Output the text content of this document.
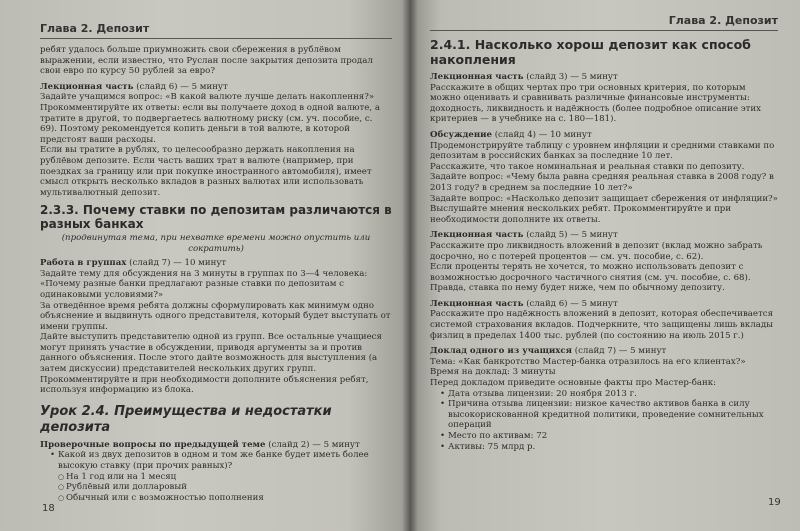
Глава 2. Депозит

ребят удалось больше приумножить свои сбережения в рублёвом выражении, если известно, что Руслан после закрытия депозита продал свои евро по курсу 50 рублей за евро?

Лекционная часть (слайд 6) — 5 минут

Задайте учащимся вопрос: «В какой валюте лучше делать накоплення?» Прокомментируйте их ответы: если вы получаете доход в одной валюте, а тратите в другой, то подвергаетесь валютному риску (см. уч. пособие, с. 69). Поэтому рекомендуется копить деньги в той валюте, в которой предстоят ваши расходы.

Если вы тратите в рублях, то целесообразно держать накопления на рублёвом депозите. Если часть ваших трат в валюте (например, при поездках за границу или при покупке иностранного автомобиля), имеет смысл открыть несколько вкладов в разных валютах или использовать мультивалютный депозит.

2.3.3. Почему ставки по депозитам различаются в разных банках
(продвинутая тема, при нехватке времени можно опустить или сократить)

Работа в группах (слайд 7) — 10 минут

Задайте тему для обсуждения на 3 минуты в группах по 3—4 человека: «Почему разные банки предлагают разные ставки по депозитам с одинаковыми условиями?»

За отведённое время ребята должны сформулировать как минимум одно объяснение и выдвинуть одного представителя, который будет выступать от имени группы.

Дайте выступить представителю одной из групп. Все остальные учащиеся могут принять участие в обсуждении, приводя аргументы за и против данного объяснения. После этого дайте возможность для выступления (а затем дискуссии) представителей нескольких других групп. Прокомментируйте и при необходимости дополните объяснения ребят, используя информацию из блока.

Урок 2.4. Преимущества и недостатки депозита

Проверочные вопросы по предыдущей теме (слайд 2) — 5 минут

• Какой из двух депозитов в одном и том же банке будет иметь более высокую ставку (при прочих равных)?
○ На 1 год или на 1 месяц
○ Рублёвый или долларовый
○ Обычный или с возможностью пополнения
18
Глава 2. Депозит
2.4.1. Насколько хорош депозит как способ накопления

Лекционная часть (слайд 3) — 5 минут

Расскажите в общих чертах про три основных критерия, по которым можно оценивать и сравнивать различные финансовые инструменты: доходность, ликвидность и надёжность (более подробное описание этих критериев — в учебнике на с. 180—181).

Обсуждение (слайд 4) — 10 минут

Продемонстрируйте таблицу с уровнем инфляции и средними ставками по депозитам в российских банках за последние 10 лет.

Расскажите, что такое номинальная и реальная ставки по депозиту.

Задайте вопрос: «Чему была равна средняя реальная ставка в 2008 году? в 2013 году? в среднем за последние 10 лет?»

Задайте вопрос: «Насколько депозит защищает сбережения от инфляции?»

Выслушайте мнения нескольких ребят. Прокомментируйте и при необходимости дополните их ответы.

Лекционная часть (слайд 5) — 5 минут

Расскажите про ликвидность вложений в депозит (вклад можно забрать досрочно, но с потерей процентов — см. уч. пособие, с. 62).

Если проценты терять не хочется, то можно использовать депозит с возможностью досрочного частичного снятия (см. уч. пособие, с. 68). Правда, ставка по нему будет ниже, чем по обычному депозиту.

Лекционная часть (слайд 6) — 5 минут

Расскажите про надёжность вложений в депозит, которая обеспечивается системой страхования вкладов. Подчеркните, что защищены лишь вклады физлиц в пределах 1400 тыс. рублей (по состоянию на июль 2015 г.)

Доклад одного из учащихся (слайд 7) — 5 минут

Тема: «Как банкротство Мастер-банка отразилось на его клиентах?»

Время на доклад: 3 минуты

Перед докладом приведите основные факты про Мастер-банк:

• Дата отзыва лицензии: 20 ноября 2013 г.
• Причина отзыва лицензии: низкое качество активов банка в силу высокорискованной кредитной политики, проведение сомнительных операций
• Место по активам: 72
• Активы: 75 млрд р.
19
